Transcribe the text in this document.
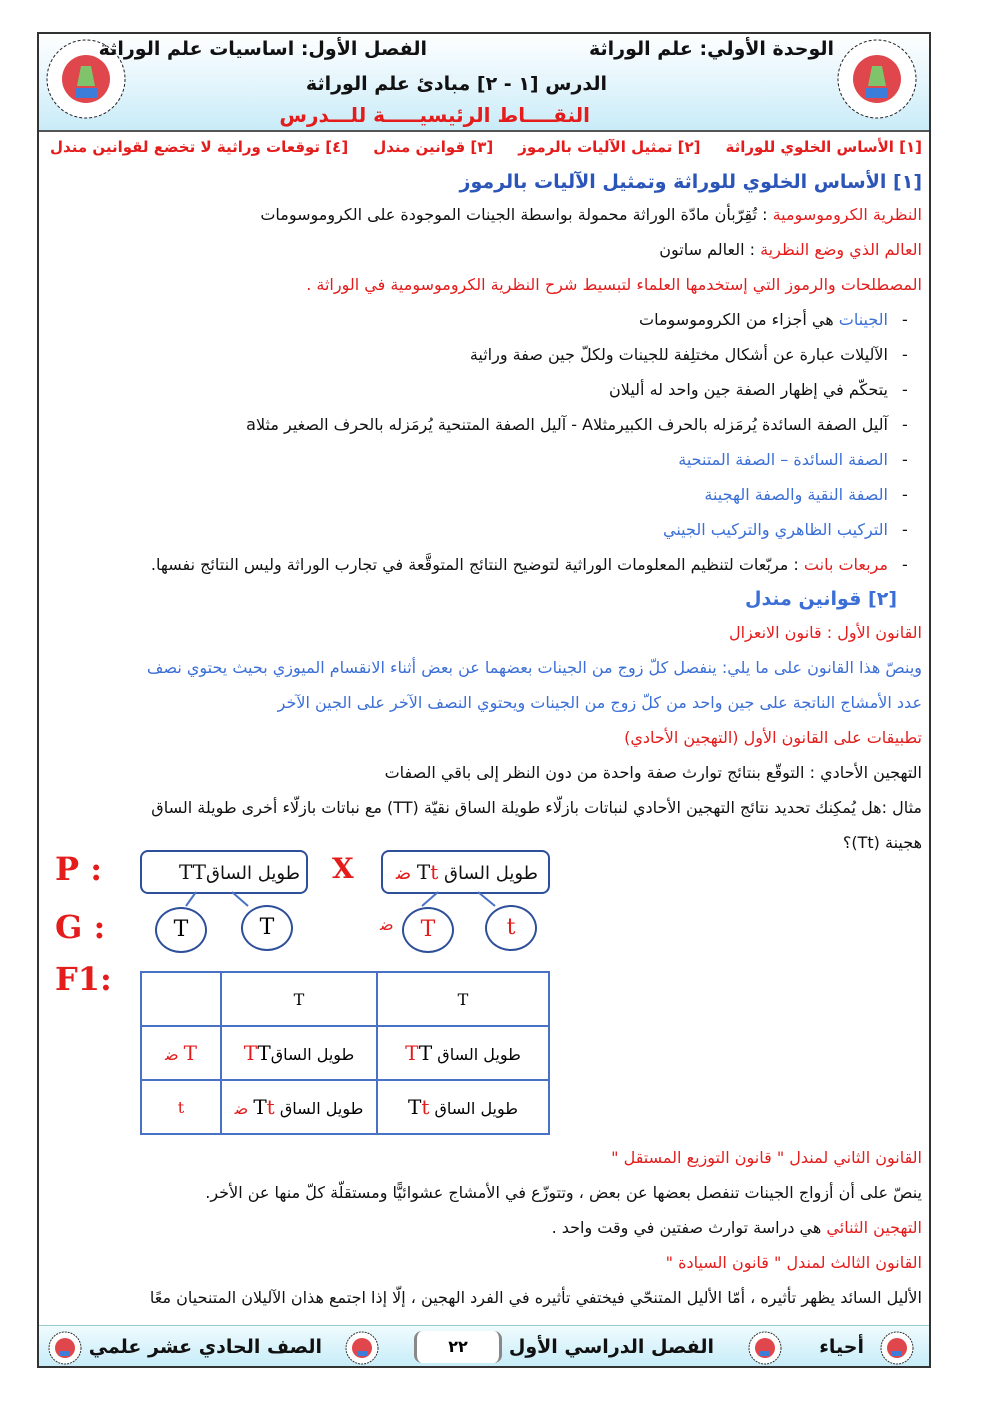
الوحدة الأولي: علم الوراثة
الفصل الأول: اساسيات علم الوراثة
الدرس [١ - ٢] مبادئ علم الوراثة
النقــــاط الرئيسيـــــة للـــدرس
[١] الأساس الخلوي للوراثة
[٢] تمثيل الآليات بالرموز
[٣] قوانين مندل
[٤] توقعات وراثية لا تخضع لقوانين مندل
[١] الأساس الخلوي للوراثة وتمثيل الآليات بالرموز
النظرية الكروموسومية : تُقِرّبأن مادّة الوراثة محمولة بواسطة الجينات الموجودة على الكروموسومات
العالم الذي وضع النظرية : العالم ساتون
المصطلحات والرموز التي إستخدمها العلماء لتبسيط شرح النظرية الكروموسومية في الوراثة .
-
الجينات هي أجزاء من الكروموسومات
-
الآليلات عبارة عن أشكال مختلِفة للجينات ولكلّ جين صفة وراثية
-
يتحكّم في إظهار الصفة جين واحد له أليلان
-
آليل الصفة السائدة يُرمَزله بالحرف الكبيرمثلاA - آليل الصفة المتنحية يُرمَزله بالحرف الصغير مثلاa
-
الصفة السائدة – الصفة المتنحية
-
الصفة النقية والصفة الهجينة
-
التركيب الظاهري والتركيب الجيني
-
مربعات بانت : مربّعات لتنظيم المعلومات الوراثية لتوضيح النتائج المتوقَّعة في تجارب الوراثة وليس النتائج نفسها.
[٢] قوانين مندل
القانون الأول : قانون الانعزال
وينصّ هذا القانون على ما يلي: ينفصل كلّ زوج من الجينات بعضهما عن بعض أثناء الانقسام الميوزي بحيث يحتوي نصف
عدد الأمشاج الناتجة على جين واحد من كلّ زوج من الجينات ويحتوي النصف الآخر على الجين الآخر
تطبيقات على القانون الأول (التهجين الأحادي)
التهجين الأحادي : التوقّع بنتائج توارث صفة واحدة من دون النظر إلى باقي الصفات
مثال :هل يُمكِنك تحديد نتائج التهجين الأحادي لنباتات بازلّاء طويلة الساق نقيّة (TT) مع نباتات بازلّاء أخرى طويلة الساق
هجينة (Tt)؟
P :
G :
F1:
طويل الساقTT	X	طويل الساق Tt ﺿ
T	T	T
ﺿ	t
	T	T
T ﺿ	طويل الساقTT	طويل الساق TT
t	طويل الساق Tt ﺿ	طويل الساق Tt
القانون الثاني لمندل " قانون التوزيع المستقل "
ينصّ على أن أزواج الجينات تنفصل بعضها عن بعض ، وتتوزّع في الأمشاج عشوائيًّا ومستقلّة كلّ منها عن الأخر.
التهجين الثنائي هي دراسة توارث صفتين في وقت واحد .
القانون الثالث لمندل " قانون السيادة "
الأليل السائد يظهر تأثيره ، أمّا الأليل المتنحّي فيختفي تأثيره في الفرد الهجين ، إلّا إذا اجتمع هذان الآليلان المتنحيان معًا
أحياء
الفصل الدراسي الأول
٢٢
الصف الحادي عشر علمي
